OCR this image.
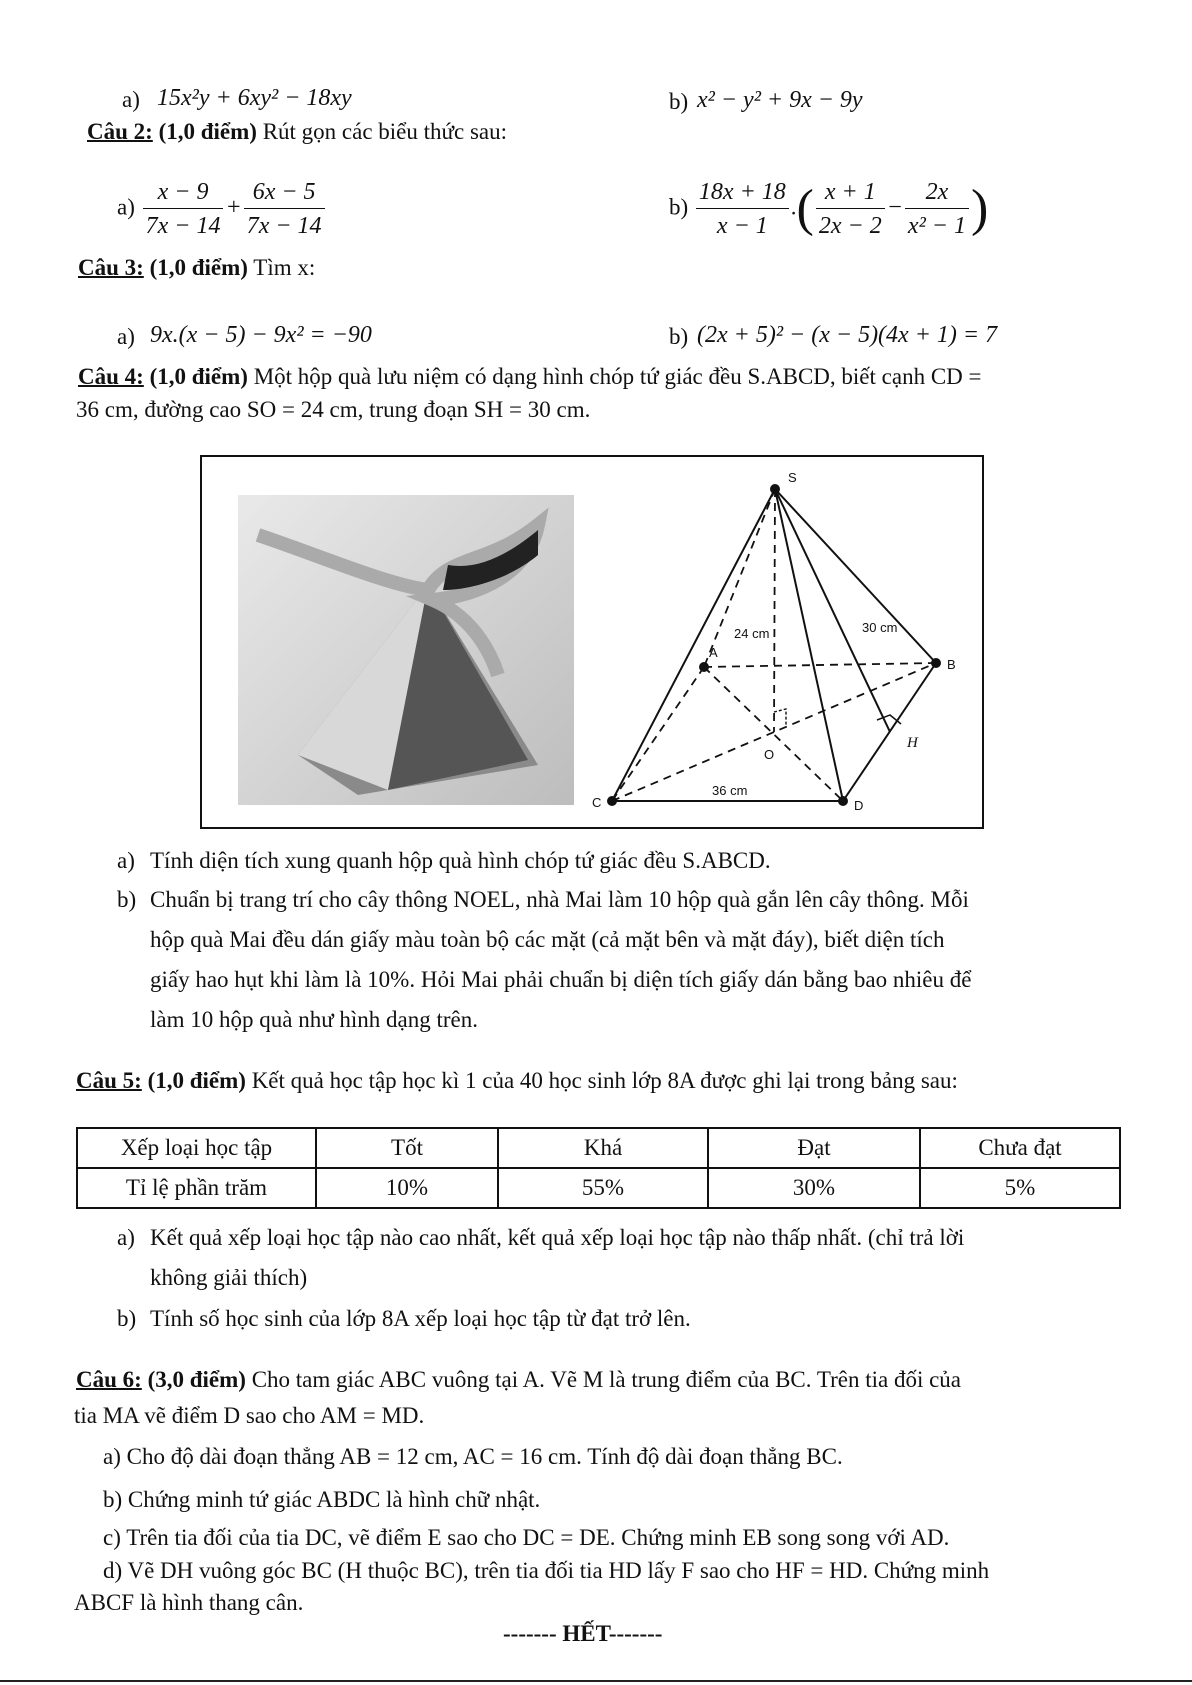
a) 15x²y + 6xy² − 18xy	b) x² − y² + 9x − 9y
Câu 2: (1,0 điểm) Rút gọn các biểu thức sau:
$a) \frac{x - 9}{7x - 14} + \frac{6x - 5}{7x - 14}$	$b) \frac{18x + 18}{x - 1}$ .( $\frac{x + 1}{2x - 2} - \frac{2x}{\text{x² − 1}}$ )
Câu 3: (1,0 điểm) Tìm x:
a) 9x.(x − 5) − 9x² = −90	b) (2x + 5)² − (x − 5)(4x + 1) = 7
Câu 4: (1,0 điểm) Một hộp quà lưu niệm có dạng hình chóp tứ giác đều S.ABCD, biết cạnh CD =
36 cm, đường cao SO = 24 cm, trung đoạn SH = 30 cm.
S
A
B
C	D
O
H
24 cm	30 cm
36 cm
a) Tính diện tích xung quanh hộp quà hình chóp tứ giác đều S.ABCD.
b) Chuẩn bị trang trí cho cây thông NOEL, nhà Mai làm 10 hộp quà gắn lên cây thông. Mỗi
hộp quà Mai đều dán giấy màu toàn bộ các mặt (cả mặt bên và mặt đáy), biết diện tích
giấy hao hụt khi làm là 10%. Hỏi Mai phải chuẩn bị diện tích giấy dán bằng bao nhiêu để
làm 10 hộp quà như hình dạng trên.
Câu 5: (1,0 điểm) Kết quả học tập học kì 1 của 40 học sinh lớp 8A được ghi lại trong bảng sau:
Xếp loại học tập	Tốt	Khá	Đạt	Chưa đạt
Tỉ lệ phần trăm	10%	55%	30%	5%
a) Kết quả xếp loại học tập nào cao nhất, kết quả xếp loại học tập nào thấp nhất. (chỉ trả lời
không giải thích)
b) Tính số học sinh của lớp 8A xếp loại học tập từ đạt trở lên.
Câu 6: (3,0 điểm) Cho tam giác ABC vuông tại A. Vẽ M là trung điểm của BC. Trên tia đối của
tia MA vẽ điểm D sao cho AM = MD.
a) Cho độ dài đoạn thẳng AB = 12 cm, AC = 16 cm. Tính độ dài đoạn thẳng BC.
b) Chứng minh tứ giác ABDC là hình chữ nhật.
c) Trên tia đối của tia DC, vẽ điểm E sao cho DC = DE. Chứng minh EB song song với AD.
d) Vẽ DH vuông góc BC (H thuộc BC), trên tia đối tia HD lấy F sao cho HF = HD. Chứng minh
ABCF là hình thang cân.
------- HẾT-------
